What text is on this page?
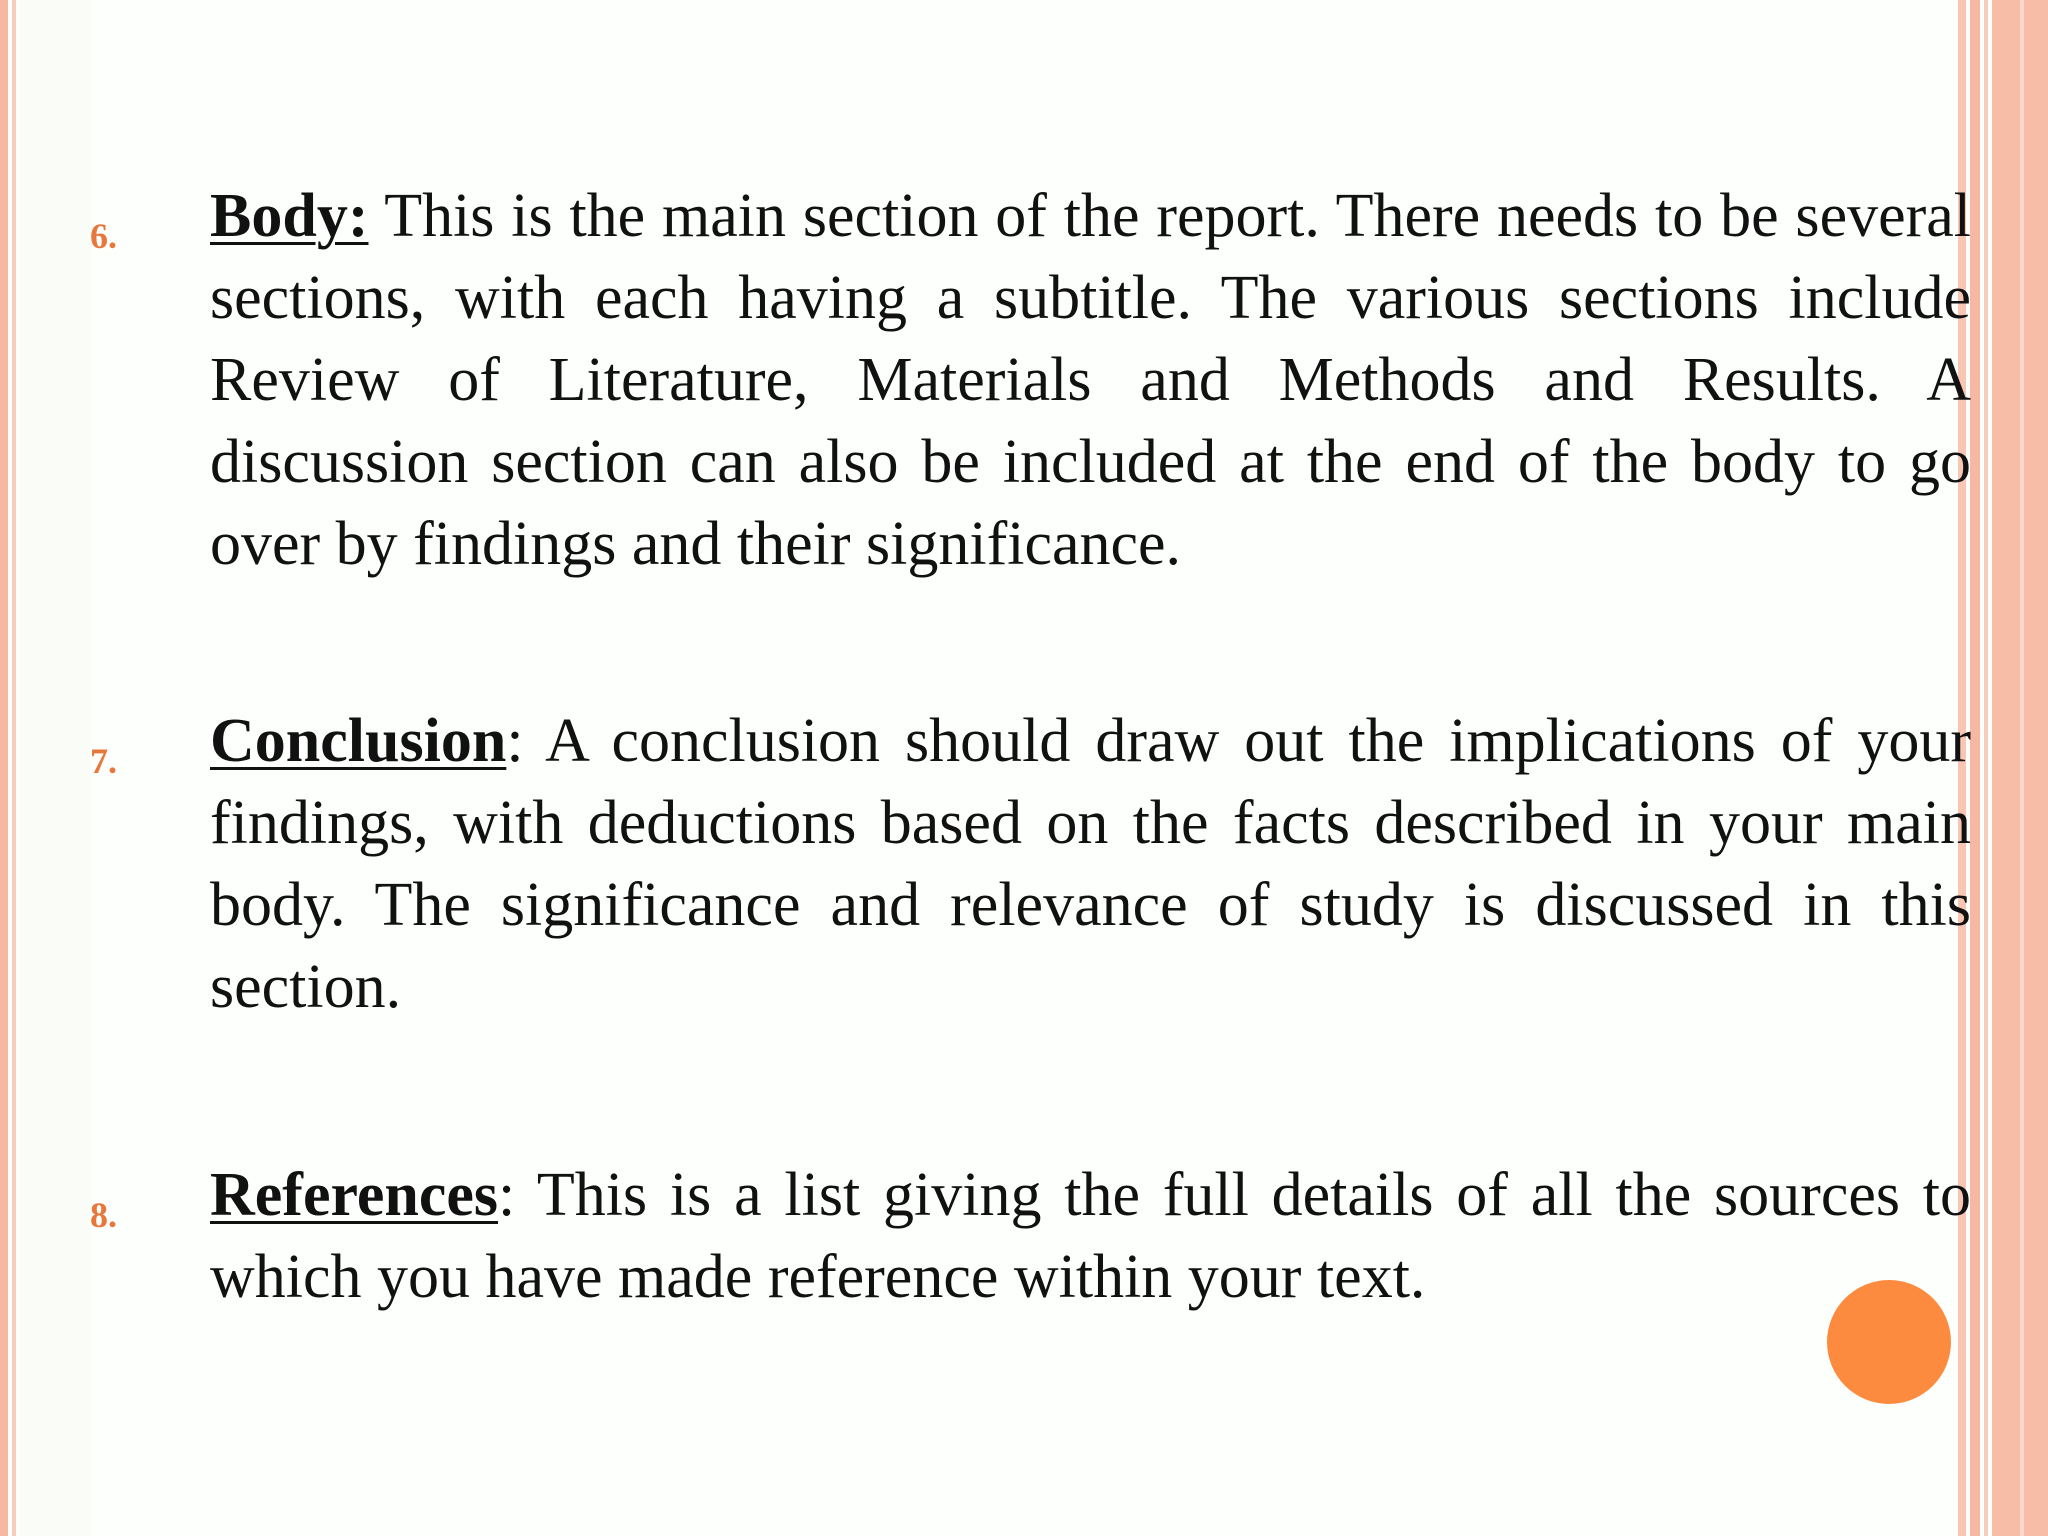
6. Body: This is the main section of the report. There needs to be several sections, with each having a subtitle. The various sections include Review of Literature, Materials and Methods and Results. A discussion section can also be included at the end of the body to go over by findings and their significance.
7. Conclusion: A conclusion should draw out the implications of your findings, with deductions based on the facts described in your main body. The significance and relevance of study is discussed in this section.
8. References: This is a list giving the full details of all the sources to which you have made reference within your text.
